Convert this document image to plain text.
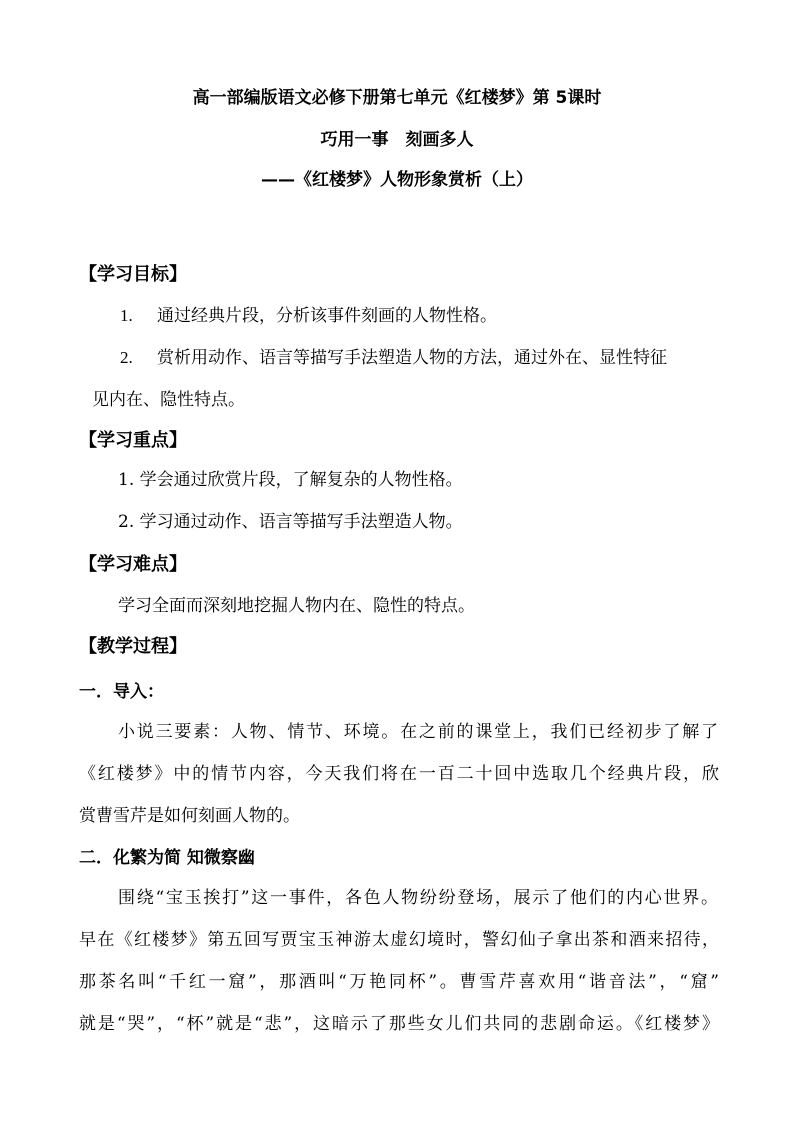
高一部编版语文必修下册第七单元《红楼梦》第 5课时
巧用一事　刻画多人
——《红楼梦》人物形象赏析（上）
【学习目标】
1. 通过经典片段，分析该事件刻画的人物性格。
2. 赏析用动作、语言等描写手法塑造人物的方法，通过外在、显性特征
见内在、隐性特点。
【学习重点】
1. 学会通过欣赏片段，了解复杂的人物性格。
2. 学习通过动作、语言等描写手法塑造人物。
【学习难点】
学习全面而深刻地挖掘人物内在、隐性的特点。
【教学过程】
一．导入：
小说三要素：人物、情节、环境。在之前的课堂上，我们已经初步了解了
《红楼梦》中的情节内容，今天我们将在一百二十回中选取几个经典片段，欣
赏曹雪芹是如何刻画人物的。
二．化繁为简 知微察幽
围绕“宝玉挨打”这一事件，各色人物纷纷登场，展示了他们的内心世界。
早在《红楼梦》第五回写贾宝玉神游太虚幻境时，警幻仙子拿出茶和酒来招待，
那茶名叫“千红一窟”，那酒叫“万艳同杯”。曹雪芹喜欢用“谐音法”，“窟”
就是“哭”，“杯”就是“悲”，这暗示了那些女儿们共同的悲剧命运。《红楼梦》
